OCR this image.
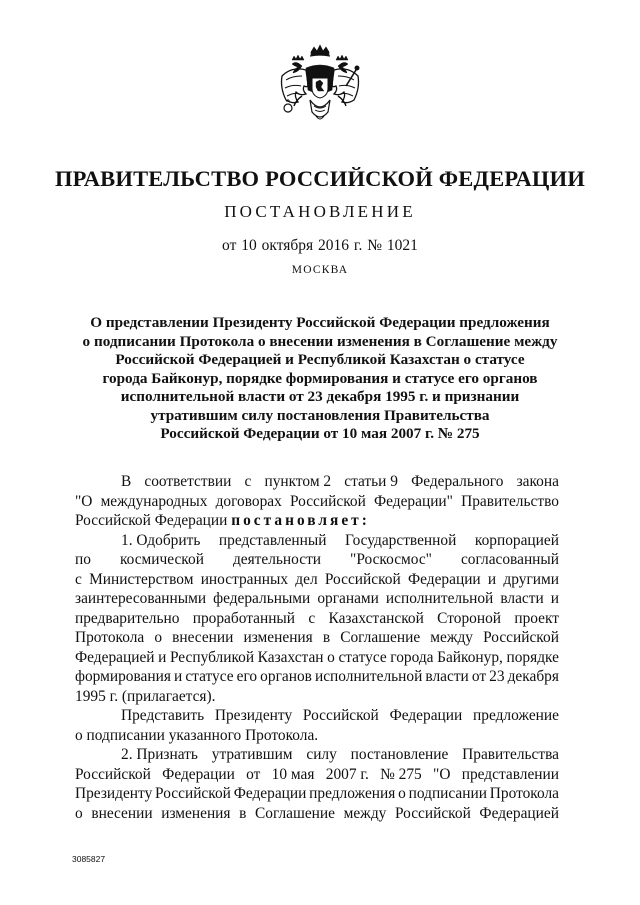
ПРАВИТЕЛЬСТВО РОССИЙСКОЙ ФЕДЕРАЦИИ
ПОСТАНОВЛЕНИЕ
от 10 октября 2016 г. № 1021
МОСКВА
О представлении Президенту Российской Федерации предложения
о подписании Протокола о внесении изменения в Соглашение между
Российской Федерацией и Республикой Казахстан о статусе
города Байконур, порядке формирования и статусе его органов
исполнительной власти от 23 декабря 1995 г. и признании
утратившим силу постановления Правительства
Российской Федерации от 10 мая 2007 г. № 275
В соответствии с пунктом 2 статьи 9 Федерального закона
"О международных договорах Российской Федерации" Правительство
Российской Федерации постановляет:
1. Одобрить представленный Государственной корпорацией
по космической деятельности "Роскосмос" согласованный
с Министерством иностранных дел Российской Федерации и другими
заинтересованными федеральными органами исполнительной власти и
предварительно проработанный с Казахстанской Стороной проект
Протокола о внесении изменения в Соглашение между Российской
Федерацией и Республикой Казахстан о статусе города Байконур, порядке
формирования и статусе его органов исполнительной власти от 23 декабря
1995 г. (прилагается).
Представить Президенту Российской Федерации предложение
о подписании указанного Протокола.
2. Признать утратившим силу постановление Правительства
Российской Федерации от 10 мая 2007 г. № 275 "О представлении
Президенту Российской Федерации предложения о подписании Протокола
о внесении изменения в Соглашение между Российской Федерацией
3085827
